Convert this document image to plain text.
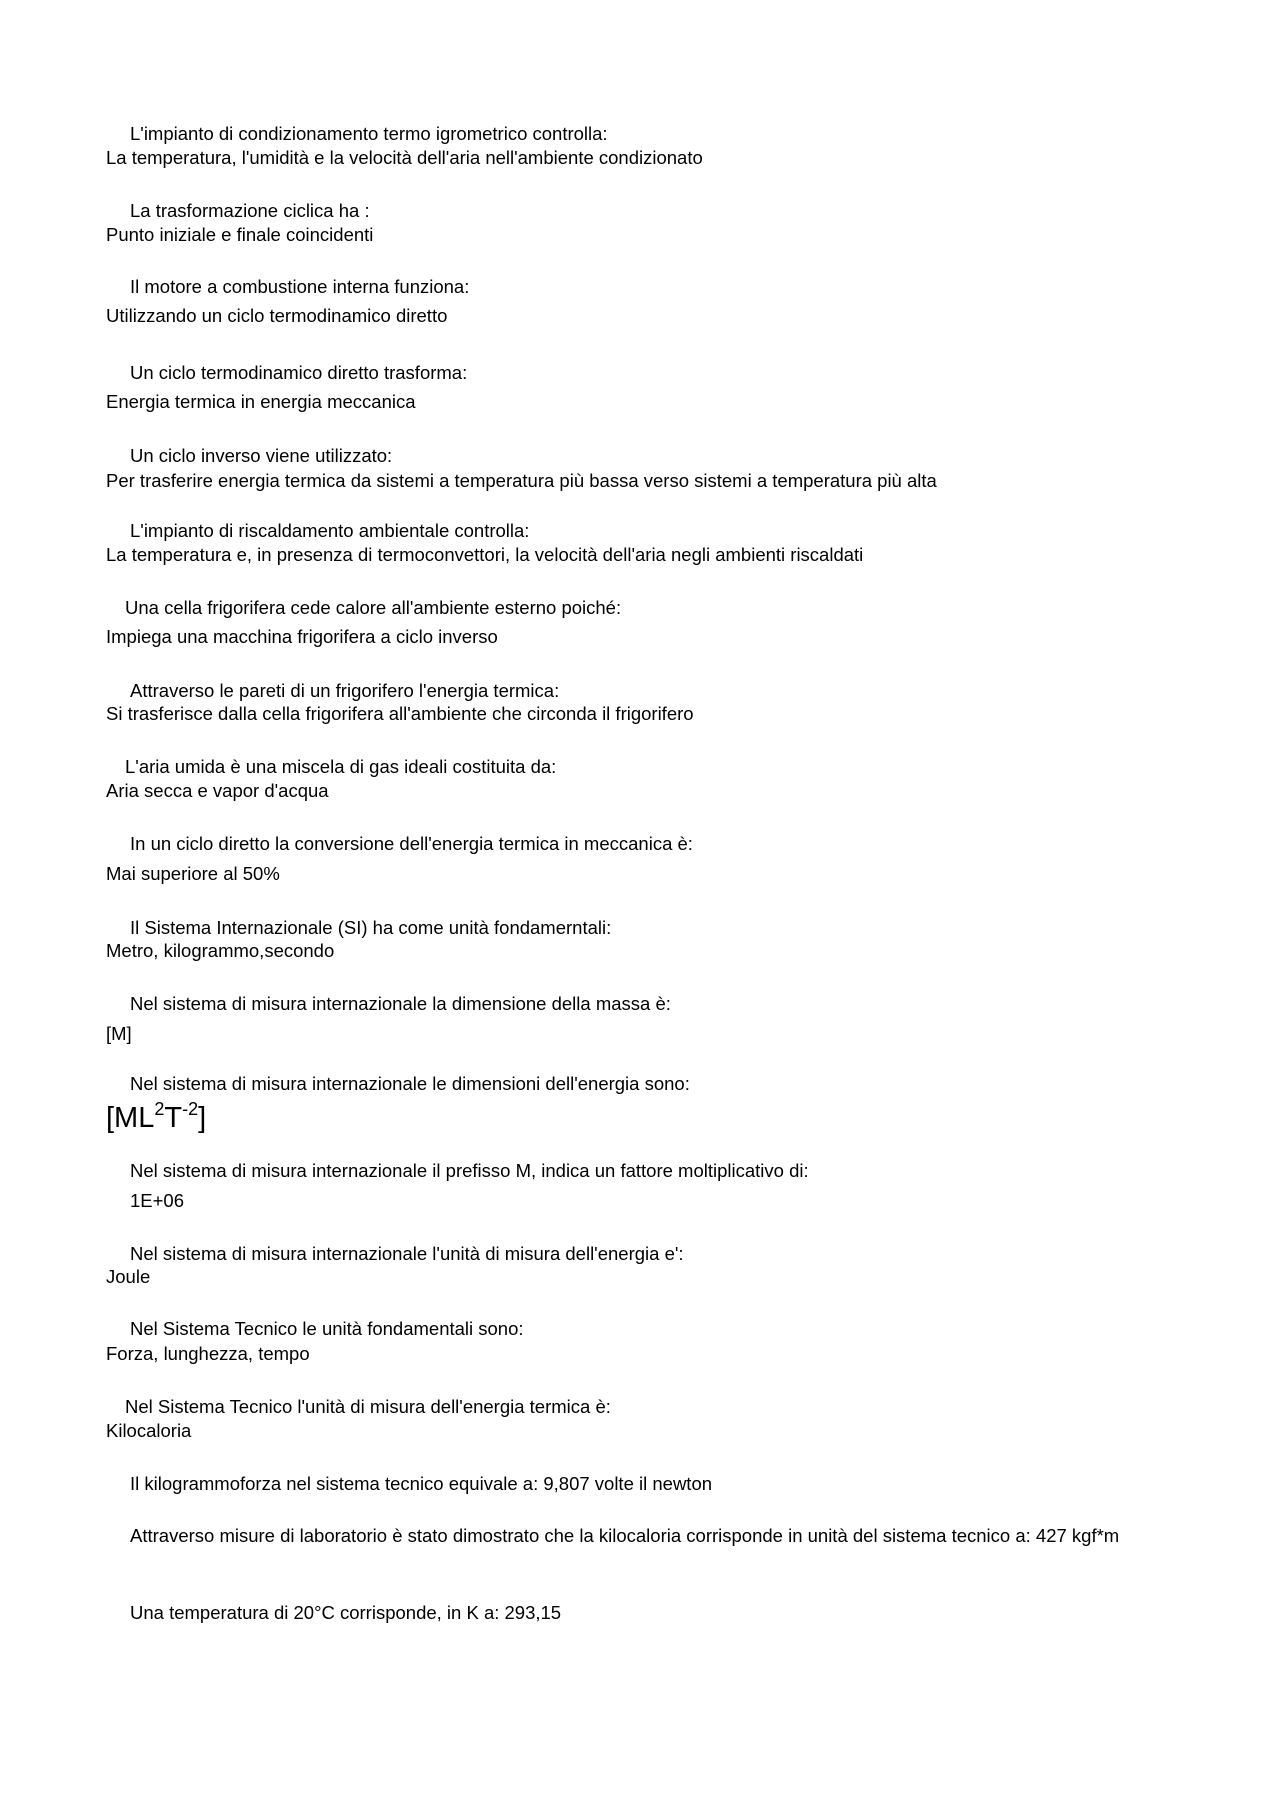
L'impianto di condizionamento termo igrometrico controlla:
La temperatura, l'umidità e la velocità dell'aria nell'ambiente condizionato
La trasformazione ciclica ha :
Punto iniziale e finale coincidenti
Il motore a combustione interna funziona:
Utilizzando un ciclo termodinamico diretto
Un ciclo termodinamico diretto trasforma:
Energia termica in energia meccanica
Un ciclo inverso viene utilizzato:
Per trasferire energia termica da sistemi a temperatura più bassa verso sistemi a temperatura più alta
L'impianto di riscaldamento ambientale controlla:
La temperatura e, in presenza di termoconvettori, la velocità dell'aria negli ambienti riscaldati
Una cella frigorifera cede calore all'ambiente esterno poiché:
Impiega una macchina frigorifera a ciclo inverso
Attraverso le pareti di un frigorifero l'energia termica:
Si trasferisce dalla cella frigorifera all'ambiente che circonda il frigorifero
L'aria umida è una miscela di gas ideali costituita da:
Aria secca e vapor d'acqua
In un ciclo diretto la conversione dell'energia termica in meccanica è:
Mai superiore al 50%
Il Sistema Internazionale (SI) ha come unità fondamerntali:
Metro, kilogrammo,secondo
Nel sistema di misura internazionale la dimensione della massa è:
[M]
Nel sistema di misura internazionale le dimensioni dell'energia sono:
$[ML^2T^{-2}]$
Nel sistema di misura internazionale il prefisso M, indica un fattore moltiplicativo di:
1E+06
Nel sistema di misura internazionale l'unità di misura dell'energia e':
Joule
Nel Sistema Tecnico le unità fondamentali sono:
Forza, lunghezza, tempo
Nel Sistema Tecnico l'unità di misura dell'energia termica è:
Kilocaloria
Il kilogrammoforza nel sistema tecnico equivale a: 9,807 volte il newton
Attraverso misure di laboratorio è stato dimostrato che la kilocaloria corrisponde in unità del sistema tecnico a: 427 kgf*m
Una temperatura di 20°C corrisponde, in K a: 293,15
